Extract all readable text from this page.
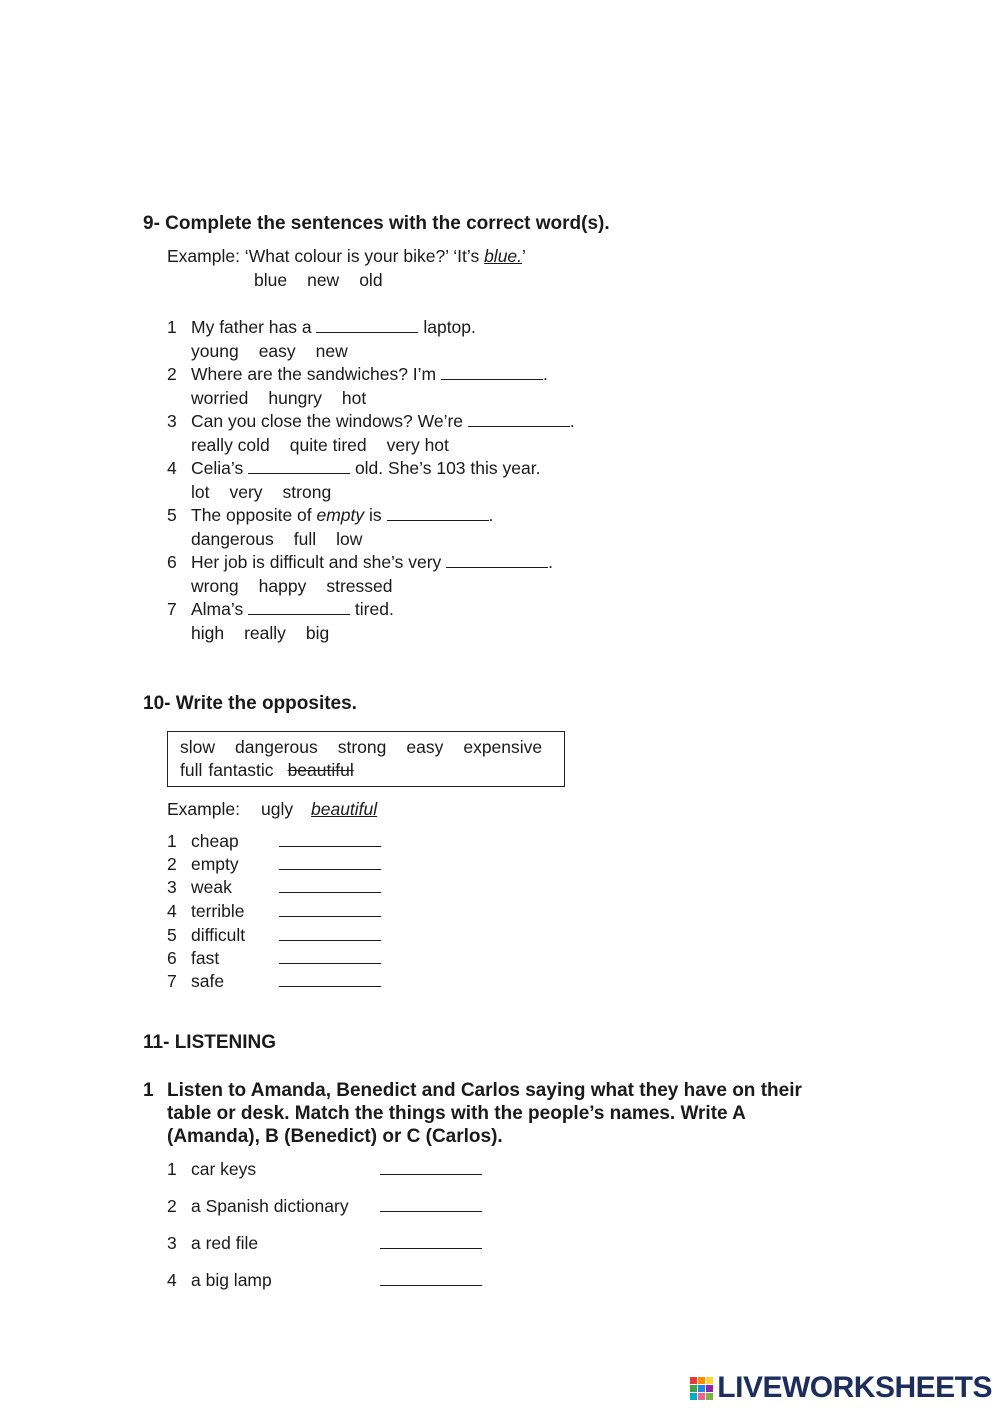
9- Complete the sentences with the correct word(s).
Example: ‘What colour is your bike?’ ‘It’s blue.’
blue new old
1 My father has a	laptop.
young easy new
2 Where are the sandwiches? I’m	.
worried hungry hot
3 Can you close the windows? We’re	.
really cold quite tired very hot
4 Celia’s	old. She’s 103 this year.
lot very strong
5 The opposite of empty is	.
dangerous full low
6 Her job is difficult and she’s very	.
wrong happy stressed
7 Alma’s	tired.
high really big
10- Write the opposites.
slow dangerous strong easy expensive
full fantastic beautiful
Example: ugly beautiful
1 cheap
2 empty
3 weak
4 terrible
5 difficult
6 fast
7 safe
11- LISTENING
1 Listen to Amanda, Benedict and Carlos saying what they have on their
table or desk. Match the things with the people’s names. Write A
(Amanda), B (Benedict) or C (Carlos).
1 car keys
2 a Spanish dictionary
3 a red file
4 a big lamp
LIVEWORKSHEETS
